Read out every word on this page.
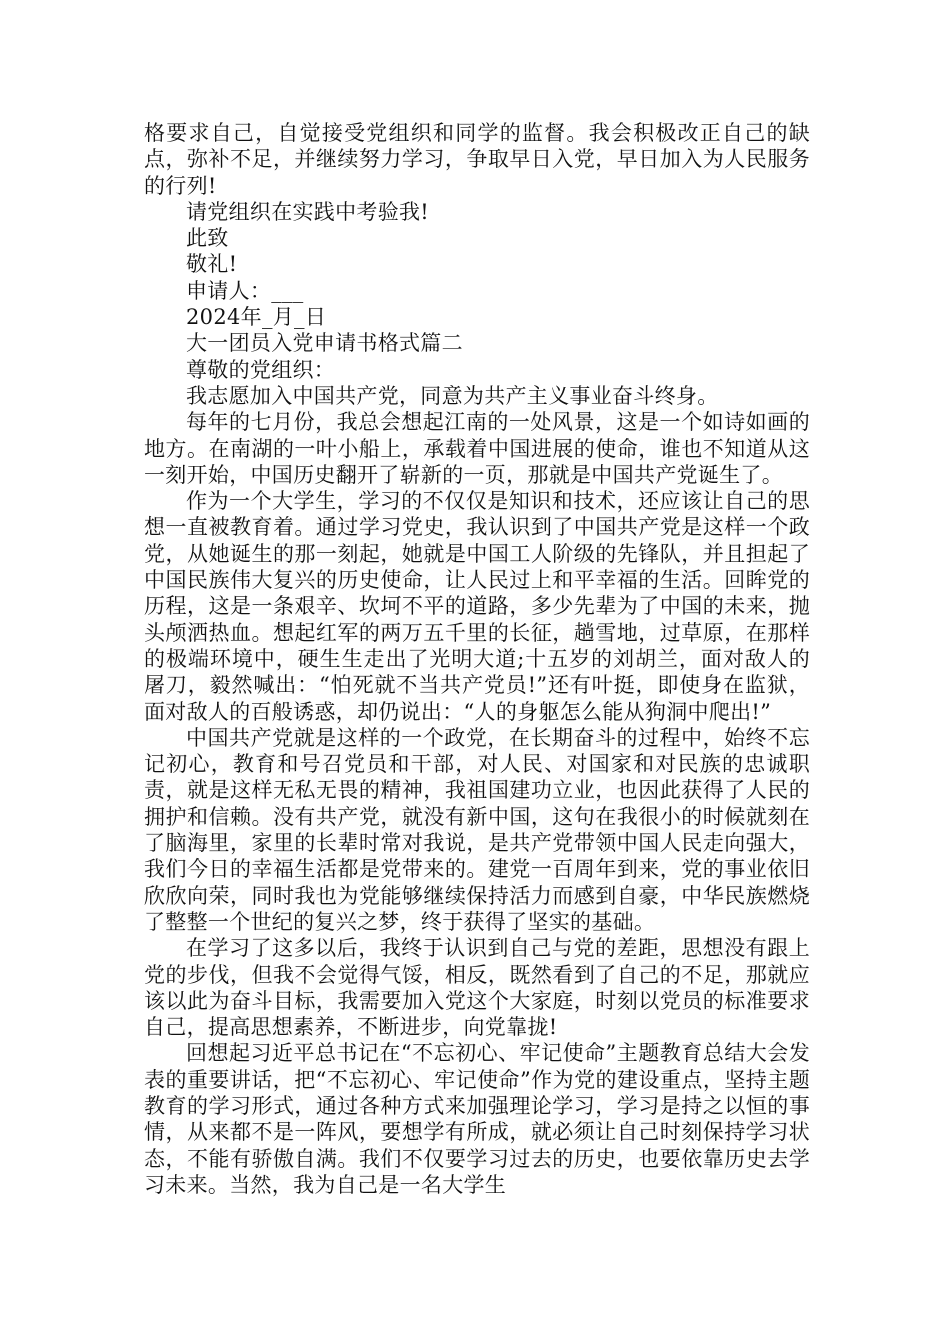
格要求自己，自觉接受党组织和同学的监督。我会积极改正自己的缺点，弥补不足，并继续努力学习，争取早日入党，早日加入为人民服务的行列!

请党组织在实践中考验我!

此致

敬礼!

申请人：___

2024年_月_日

大一团员入党申请书格式篇二

尊敬的党组织：

我志愿加入中国共产党，同意为共产主义事业奋斗终身。

每年的七月份，我总会想起江南的一处风景，这是一个如诗如画的地方。在南湖的一叶小船上，承载着中国进展的使命，谁也不知道从这一刻开始，中国历史翻开了崭新的一页，那就是中国共产党诞生了。

作为一个大学生，学习的不仅仅是知识和技术，还应该让自己的思想一直被教育着。通过学习党史，我认识到了中国共产党是这样一个政党，从她诞生的那一刻起，她就是中国工人阶级的先锋队，并且担起了中国民族伟大复兴的历史使命，让人民过上和平幸福的生活。回眸党的历程，这是一条艰辛、坎坷不平的道路，多少先辈为了中国的未来，抛头颅洒热血。想起红军的两万五千里的长征，趟雪地，过草原，在那样的极端环境中，硬生生走出了光明大道;十五岁的刘胡兰，面对敌人的屠刀，毅然喊出：“怕死就不当共产党员!”还有叶挺，即使身在监狱，面对敌人的百般诱惑，却仍说出：“人的身躯怎么能从狗洞中爬出!”

中国共产党就是这样的一个政党，在长期奋斗的过程中，始终不忘记初心，教育和号召党员和干部，对人民、对国家和对民族的忠诚职责，就是这样无私无畏的精神，我祖国建功立业，也因此获得了人民的拥护和信赖。没有共产党，就没有新中国，这句在我很小的时候就刻在了脑海里，家里的长辈时常对我说，是共产党带领中国人民走向强大，我们今日的幸福生活都是党带来的。建党一百周年到来，党的事业依旧欣欣向荣，同时我也为党能够继续保持活力而感到自豪，中华民族燃烧了整整一个世纪的复兴之梦，终于获得了坚实的基础。

在学习了这多以后，我终于认识到自己与党的差距，思想没有跟上党的步伐，但我不会觉得气馁，相反，既然看到了自己的不足，那就应该以此为奋斗目标，我需要加入党这个大家庭，时刻以党员的标准要求自己，提高思想素养，不断进步，向党靠拢!

回想起习近平总书记在“不忘初心、牢记使命”主题教育总结大会发表的重要讲话，把“不忘初心、牢记使命”作为党的建设重点，坚持主题教育的学习形式，通过各种方式来加强理论学习，学习是持之以恒的事情，从来都不是一阵风，要想学有所成，就必须让自己时刻保持学习状态，不能有骄傲自满。我们不仅要学习过去的历史，也要依靠历史去学习未来。当然，我为自己是一名大学生
